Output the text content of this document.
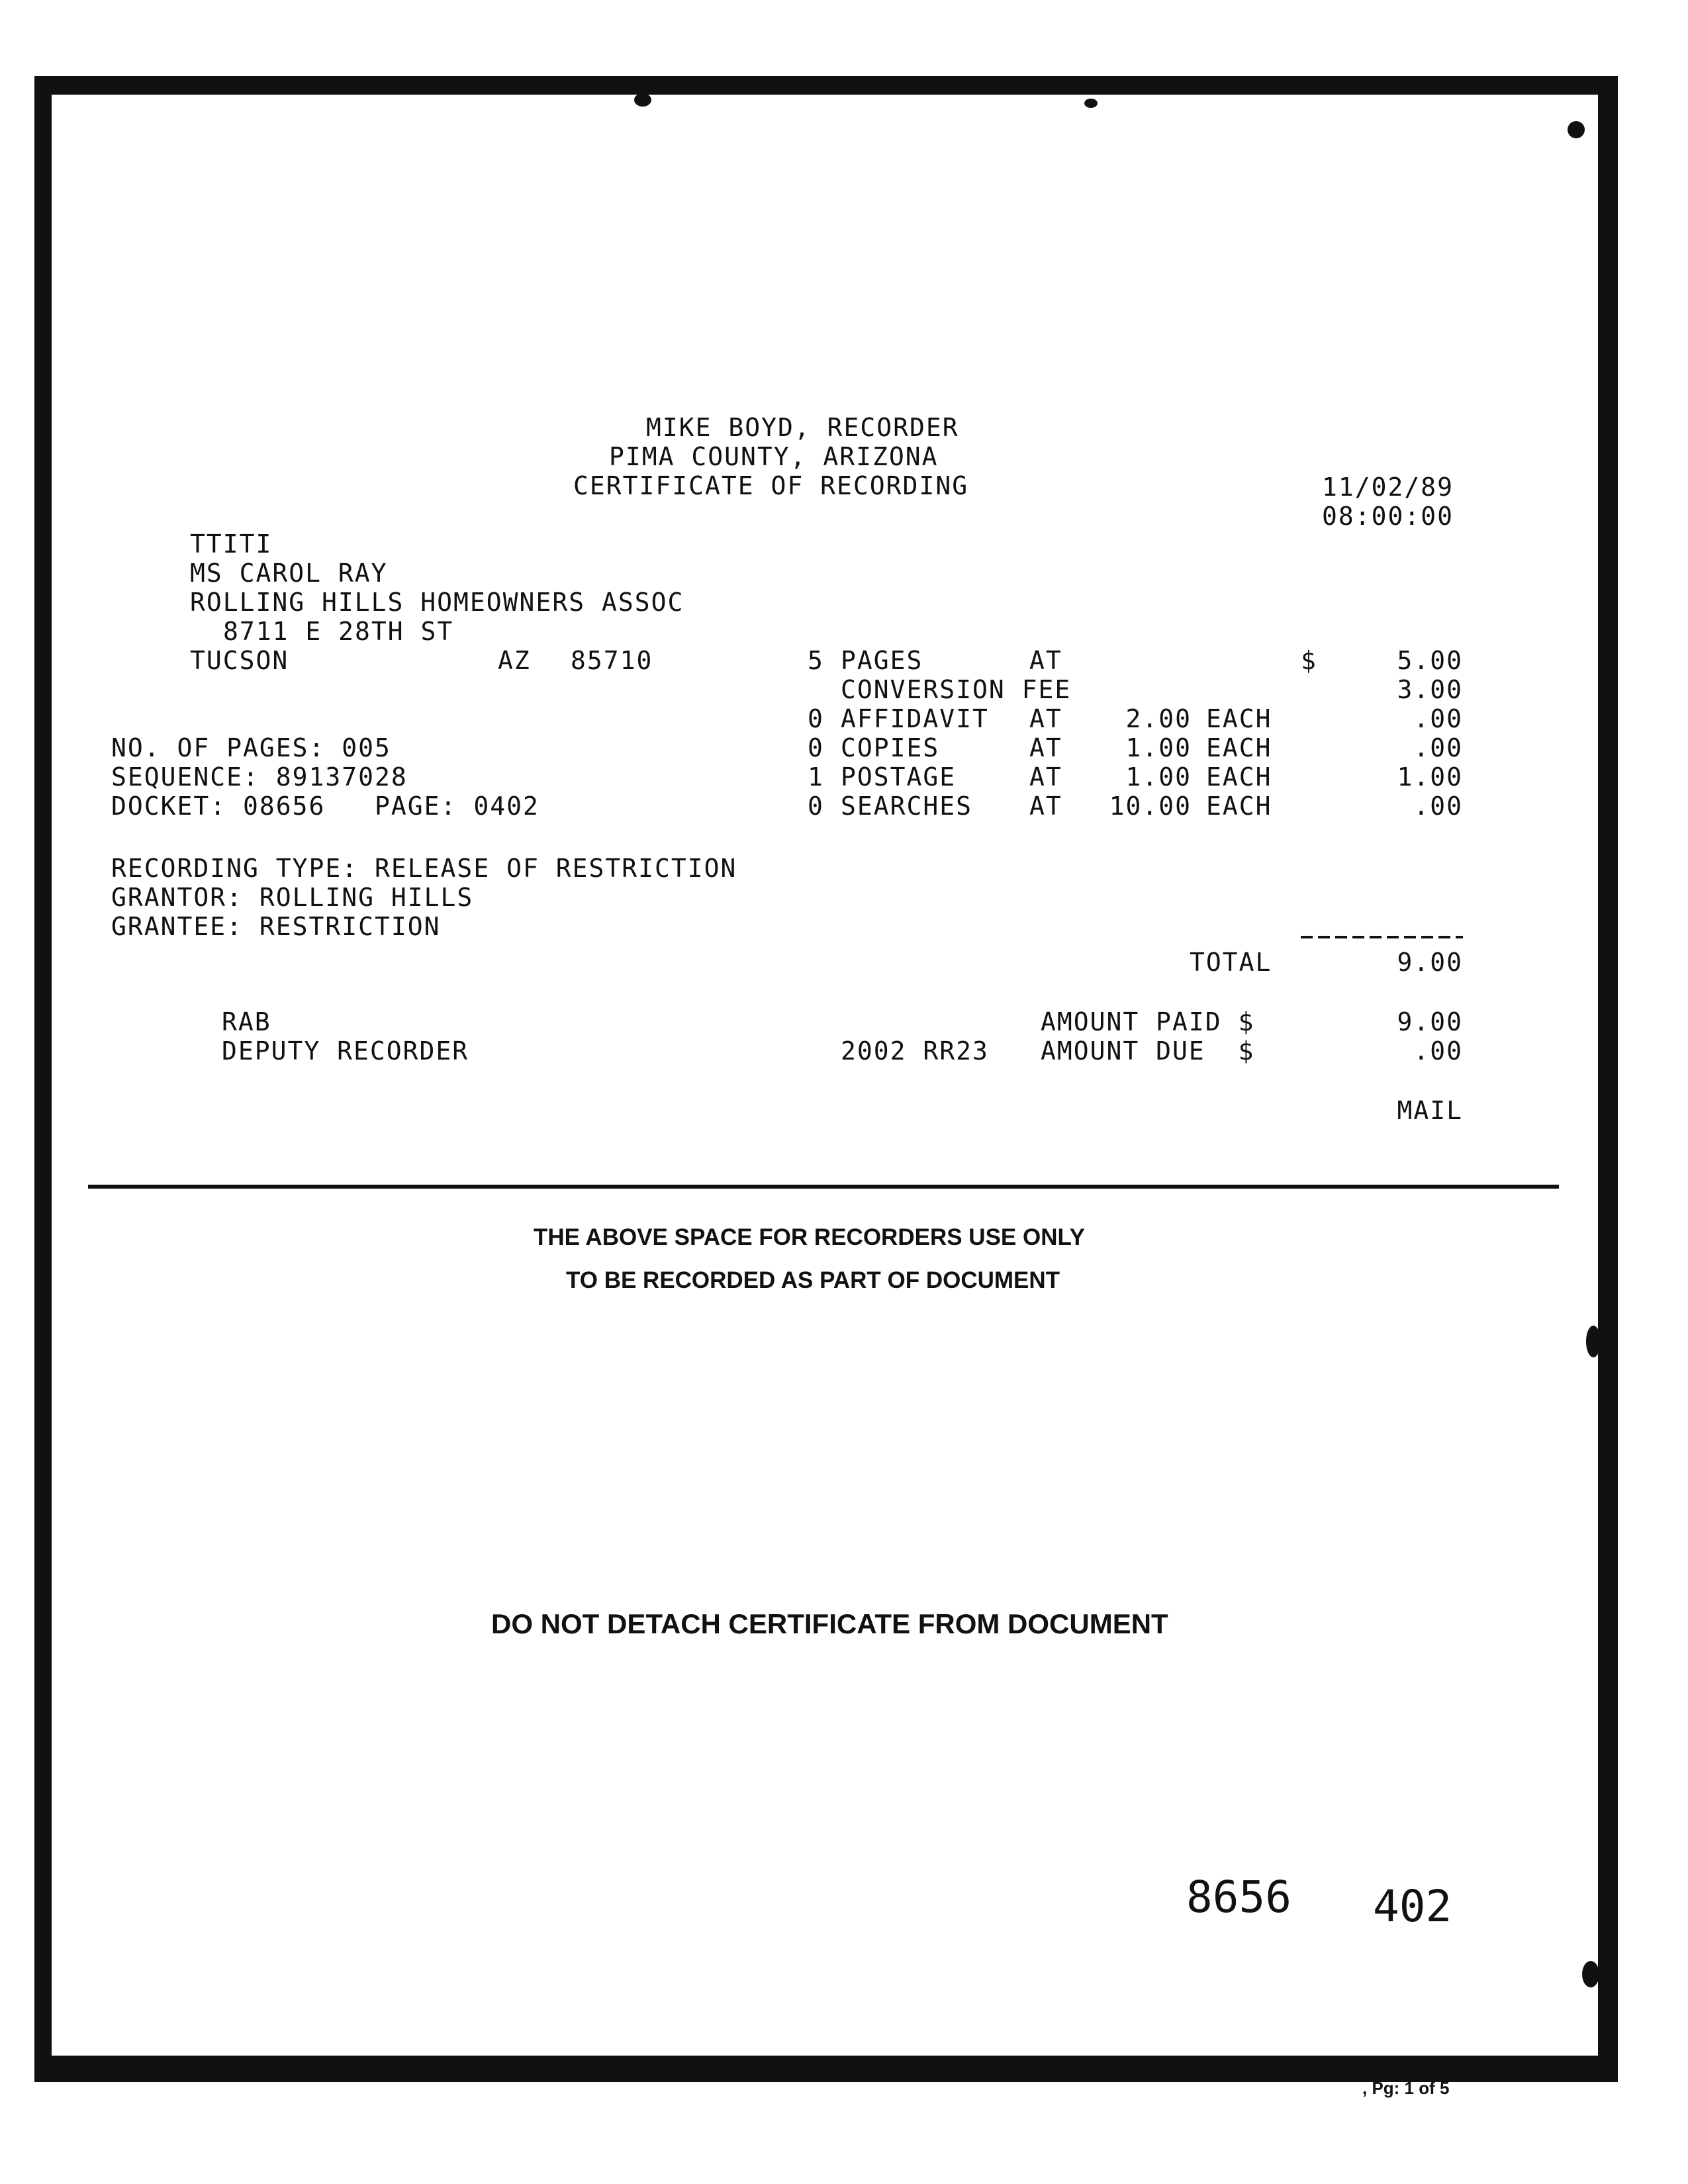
MIKE BOYD, RECORDER
PIMA COUNTY, ARIZONA
CERTIFICATE OF RECORDING	11/02/89
08:00:00
TTITI
MS CAROL RAY
ROLLING HILLS HOMEOWNERS ASSOC
8711 E 28TH ST
TUCSON	AZ 85710
NO. OF PAGES: 005
SEQUENCE: 89137028
DOCKET: 08656   PAGE: 0402
RECORDING TYPE: RELEASE OF RESTRICTION
GRANTOR: ROLLING HILLS
GRANTEE: RESTRICTION
5 PAGES	AT	$	5.00
CONVERSION FEE	3.00
0 AFFIDAVIT AT	2.00 EACH	.00
0 COPIES	AT	1.00 EACH	.00
1 POSTAGE	AT	1.00 EACH	1.00
0 SEARCHES AT	10.00 EACH	.00
TOTAL	9.00
RAB
DEPUTY RECORDER	2002 RR23
AMOUNT PAID $	9.00
AMOUNT DUE  $	.00
MAIL
THE ABOVE SPACE FOR RECORDERS USE ONLY
TO BE RECORDED AS PART OF DOCUMENT
DO NOT DETACH CERTIFICATE FROM DOCUMENT
8656 402
, Pg: 1 of 5
